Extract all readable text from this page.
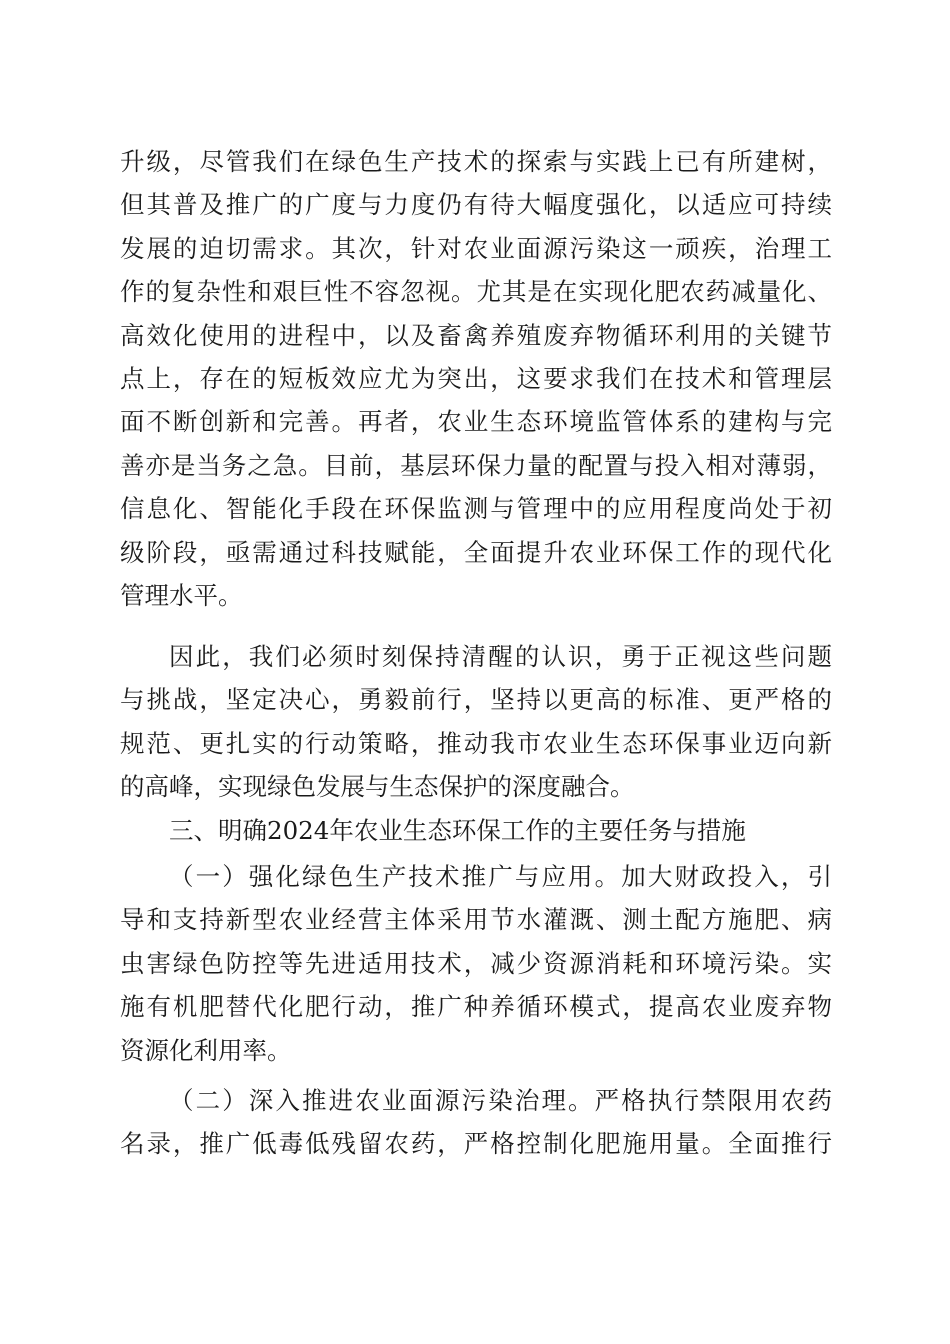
升级，尽管我们在绿色生产技术的探索与实践上已有所建树，
但其普及推广的广度与力度仍有待大幅度强化，以适应可持续
发展的迫切需求。其次，针对农业面源污染这一顽疾，治理工
作的复杂性和艰巨性不容忽视。尤其是在实现化肥农药减量化、
高效化使用的进程中，以及畜禽养殖废弃物循环利用的关键节
点上，存在的短板效应尤为突出，这要求我们在技术和管理层
面不断创新和完善。再者，农业生态环境监管体系的建构与完
善亦是当务之急。目前，基层环保力量的配置与投入相对薄弱，
信息化、智能化手段在环保监测与管理中的应用程度尚处于初
级阶段，亟需通过科技赋能，全面提升农业环保工作的现代化
管理水平。
因此，我们必须时刻保持清醒的认识，勇于正视这些问题
与挑战，坚定决心，勇毅前行，坚持以更高的标准、更严格的
规范、更扎实的行动策略，推动我市农业生态环保事业迈向新
的高峰，实现绿色发展与生态保护的深度融合。
三、明确2024年农业生态环保工作的主要任务与措施
（一）强化绿色生产技术推广与应用。加大财政投入，引
导和支持新型农业经营主体采用节水灌溉、测土配方施肥、病
虫害绿色防控等先进适用技术，减少资源消耗和环境污染。实
施有机肥替代化肥行动，推广种养循环模式，提高农业废弃物
资源化利用率。
（二）深入推进农业面源污染治理。严格执行禁限用农药
名录，推广低毒低残留农药，严格控制化肥施用量。全面推行
